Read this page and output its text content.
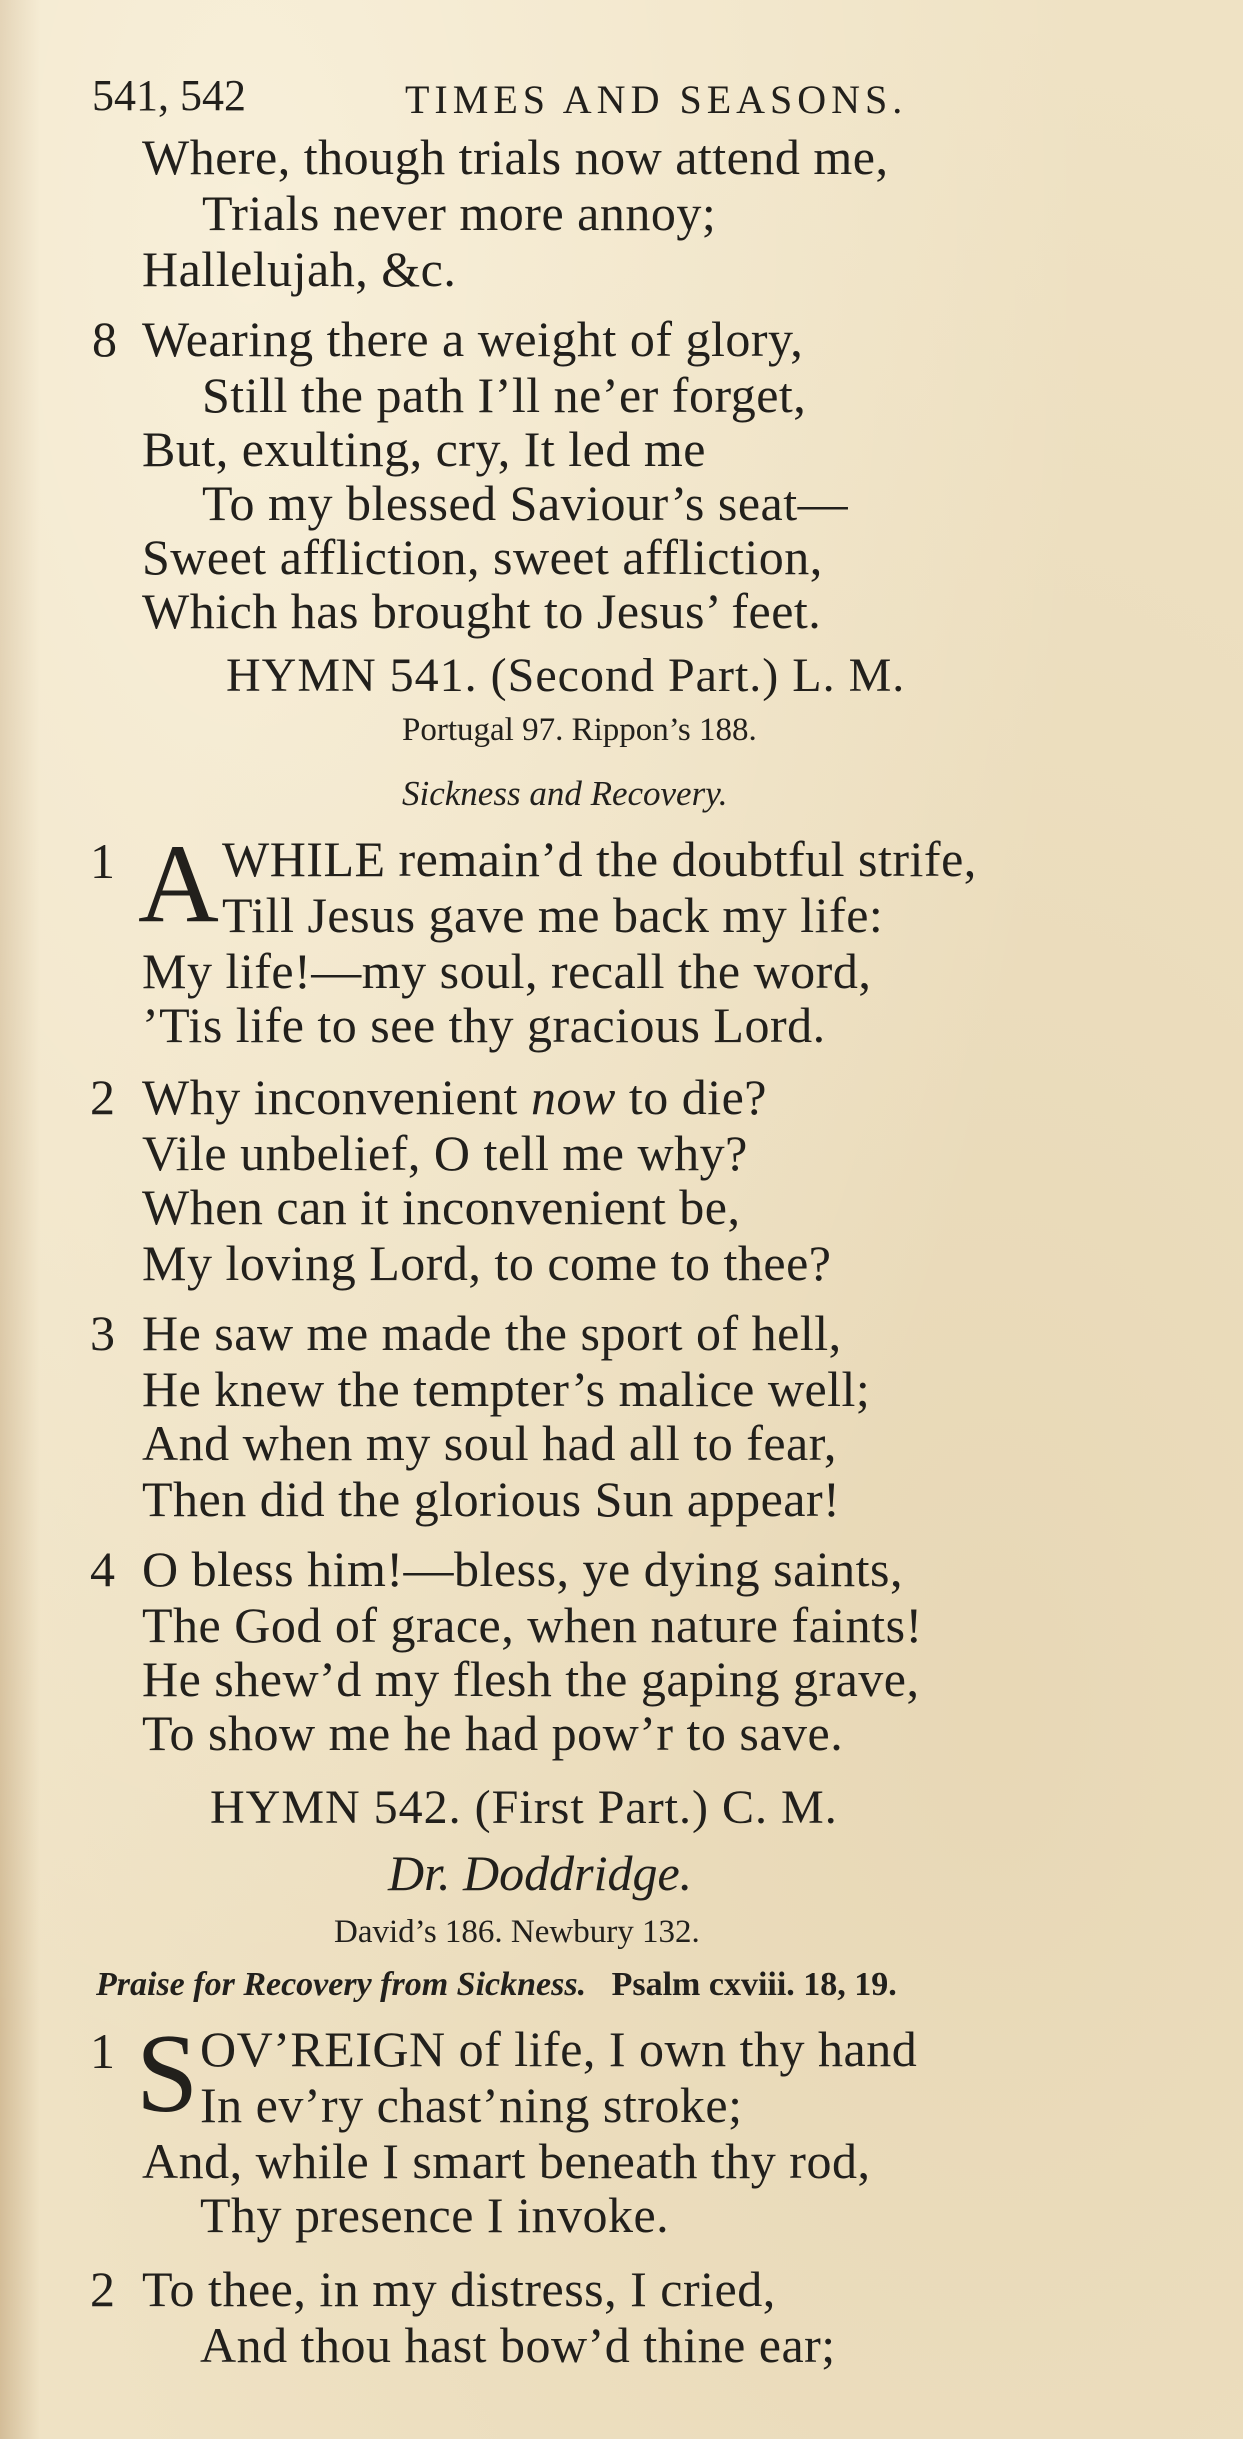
541, 542	TIMES AND SEASONS.
Where, though trials now attend me,
Trials never more annoy;
Hallelujah, &c.
8 Wearing there a weight of glory,
Still the path I’ll ne’er forget,
But, exulting, cry, It led me
To my blessed Saviour’s seat—
Sweet affliction, sweet affliction,
Which has brought to Jesus’ feet.
HYMN 541. (Second Part.) L. M.
Portugal 97. Rippon’s 188.
Sickness and Recovery.
1 A WHILE remain’d the doubtful strife,
Till Jesus gave me back my life:
My life!—my soul, recall the word,
’Tis life to see thy gracious Lord.
2 Why inconvenient now to die?
Vile unbelief, O tell me why?
When can it inconvenient be,
My loving Lord, to come to thee?
3 He saw me made the sport of hell,
He knew the tempter’s malice well;
And when my soul had all to fear,
Then did the glorious Sun appear!
4 O bless him!—bless, ye dying saints,
The God of grace, when nature faints!
He shew’d my flesh the gaping grave,
To show me he had pow’r to save.
HYMN 542. (First Part.) C. M.
Dr. Doddridge.
David’s 186. Newbury 132.
Praise for Recovery from Sickness. Psalm cxviii. 18, 19.
1 S OV’REIGN of life, I own thy hand
In ev’ry chast’ning stroke;
And, while I smart beneath thy rod,
Thy presence I invoke.
2 To thee, in my distress, I cried,
And thou hast bow’d thine ear;
